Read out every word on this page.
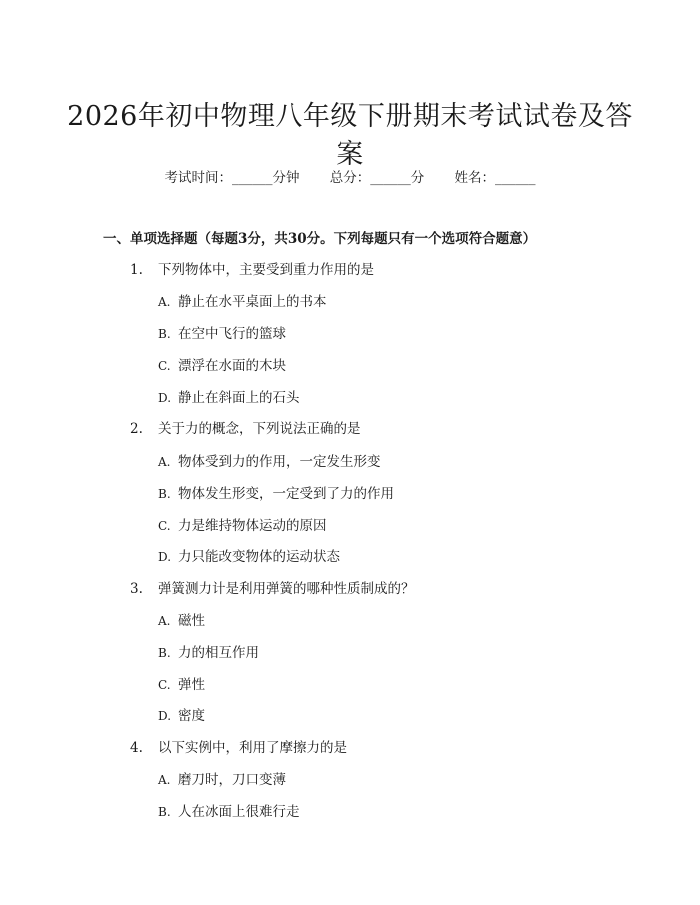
2026年初中物理八年级下册期末考试试卷及答案
考试时间：______分钟 总分：______分 姓名：______
一、单项选择题（每题3分，共30分。下列每题只有一个选项符合题意）
1. 下列物体中，主要受到重力作用的是
A. 静止在水平桌面上的书本
B. 在空中飞行的篮球
C. 漂浮在水面的木块
D. 静止在斜面上的石头
2. 关于力的概念，下列说法正确的是
A. 物体受到力的作用，一定发生形变
B. 物体发生形变，一定受到了力的作用
C. 力是维持物体运动的原因
D. 力只能改变物体的运动状态
3. 弹簧测力计是利用弹簧的哪种性质制成的？
A. 磁性
B. 力的相互作用
C. 弹性
D. 密度
4. 以下实例中，利用了摩擦力的是
A. 磨刀时，刀口变薄
B. 人在冰面上很难行走
